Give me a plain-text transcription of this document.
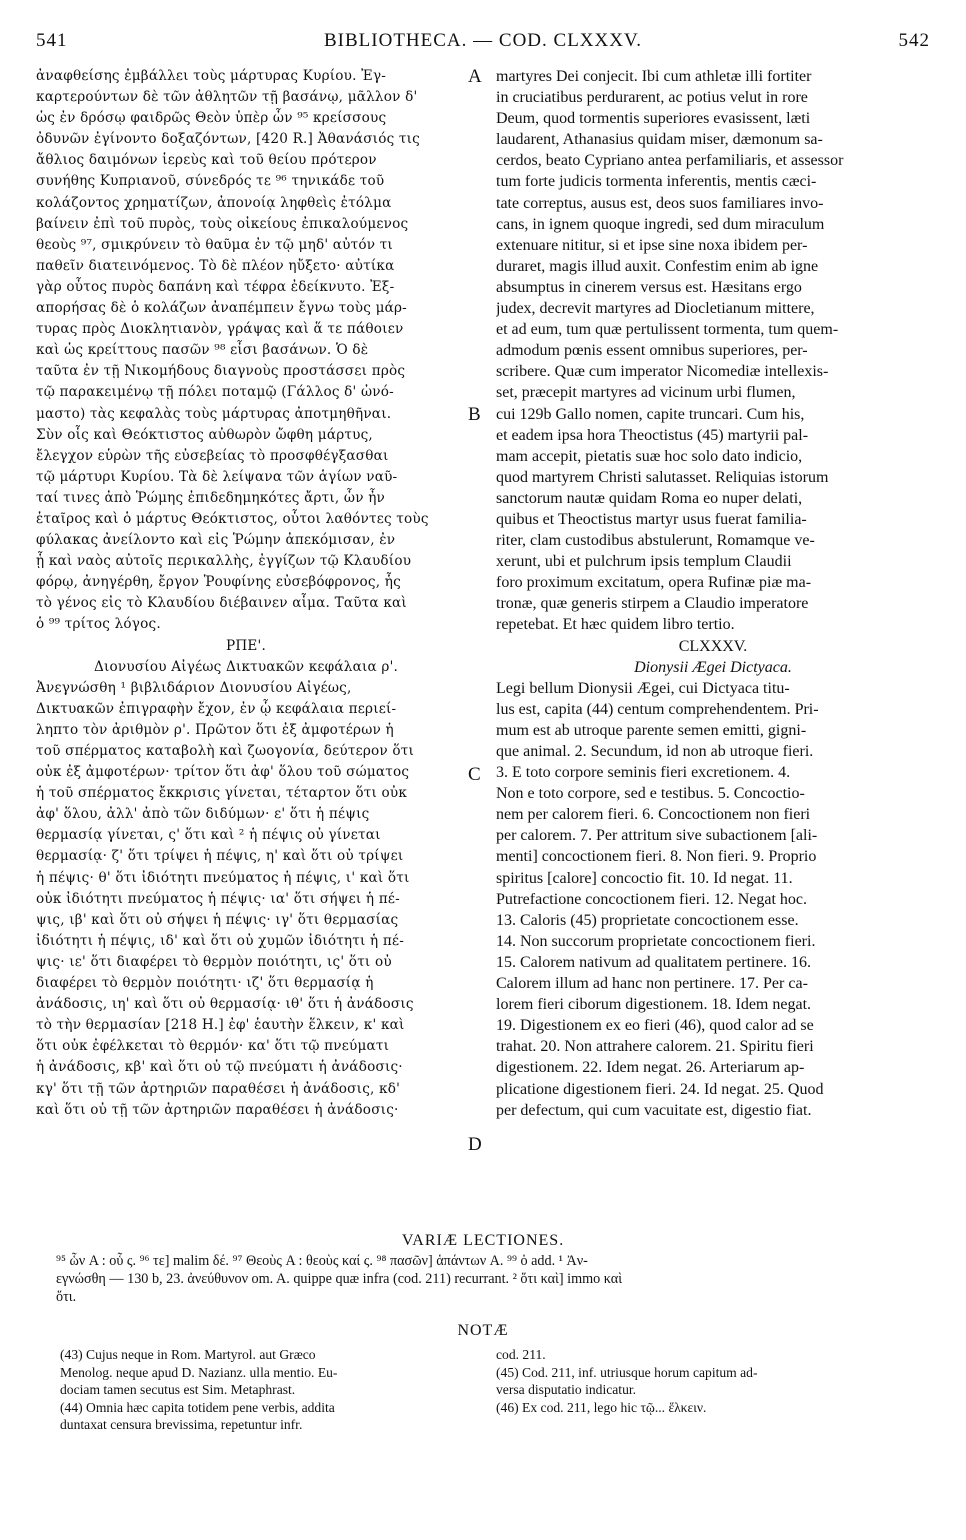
541	BIBLIOTHECA. — COD. CLXXXV.	542
ἀναφθείσης ἐμβάλλει τοὺς μάρτυρας Κυρίου. Ἐγ-
καρτερούντων δὲ τῶν ἀθλητῶν τῇ βασάνῳ, μᾶλλον δ'
ὡς ἐν δρόσῳ φαιδρῶς Θεὸν ὑπὲρ ὧν ⁹⁵ κρείσσους
ὀδυνῶν ἐγίνοντο δοξαζόντων, [420 R.] Ἀθανάσιός τις
ἄθλιος δαιμόνων ἱερεὺς καὶ τοῦ θείου πρότερον
συνήθης Κυπριανοῦ, σύνεδρός τε ⁹⁶ τηνικάδε τοῦ
κολάζοντος χρηματίζων, ἀπονοίᾳ ληφθεὶς ἐτόλμα
βαίνειν ἐπὶ τοῦ πυρὸς, τοὺς οἰκείους ἐπικαλούμενος
θεοὺς ⁹⁷, σμικρύνειν τὸ θαῦμα ἐν τῷ μηδ' αὐτόν τι
παθεῖν διατεινόμενος. Τὸ δὲ πλέον ηὔξετο· αὐτίκα
γὰρ οὗτος πυρὸς δαπάνη καὶ τέφρα ἐδείκνυτο. Ἐξ-
απορήσας δὲ ὁ κολάζων ἀναπέμπειν ἔγνω τοὺς μάρ-
τυρας πρὸς Διοκλητιανὸν, γράψας καὶ ἅ τε πάθοιεν
καὶ ὡς κρείττους πασῶν ⁹⁸ εἶσι βασάνων. Ὁ δὲ
ταῦτα ἐν τῇ Νικομήδους διαγνοὺς προστάσσει πρὸς
τῷ παρακειμένῳ τῇ πόλει ποταμῷ (Γάλλος δ' ὠνό-
μαστο) τὰς κεφαλὰς τοὺς μάρτυρας ἀποτμηθῆναι.
Σὺν οἷς καὶ Θεόκτιστος αὐθωρὸν ὤφθη μάρτυς,
ἔλεγχον εὑρὼν τῆς εὐσεβείας τὸ προσφθέγξασθαι
τῷ μάρτυρι Κυρίου. Τὰ δὲ λείψανα τῶν ἁγίων ναῦ-
ταί τινες ἀπὸ Ῥώμης ἐπιδεδημηκότες ἄρτι, ὧν ἦν
ἑταῖρος καὶ ὁ μάρτυς Θεόκτιστος, οὗτοι λαθόντες τοὺς
φύλακας ἀνείλοντο καὶ εἰς Ῥώμην ἀπεκόμισαν, ἐν
ᾗ καὶ ναὸς αὐτοῖς περικαλλὴς, ἐγγίζων τῷ Κλαυδίου
φόρῳ, ἀνηγέρθη, ἔργον Ῥουφίνης εὐσεβόφρονος, ἧς
τὸ γένος εἰς τὸ Κλαυδίου διέβαινεν αἷμα. Ταῦτα καὶ
ὁ ⁹⁹ τρίτος λόγος.
ΡΠΕ'.
Διονυσίου Αἰγέως Δικτυακῶν κεφάλαια ρ'.
Ἀνεγνώσθη ¹ βιβλιδάριον Διονυσίου Αἰγέως,
Δικτυακῶν ἐπιγραφὴν ἔχον, ἐν ᾧ κεφάλαια περιεί-
ληπτο τὸν ἀριθμὸν ρ'. Πρῶτον ὅτι ἐξ ἀμφοτέρων ἡ
τοῦ σπέρματος καταβολὴ καὶ ζωογονία, δεύτερον ὅτι
οὐκ ἐξ ἀμφοτέρων· τρίτον ὅτι ἀφ' ὅλου τοῦ σώματος
ἡ τοῦ σπέρματος ἔκκρισις γίνεται, τέταρτον ὅτι οὐκ
ἀφ' ὅλου, ἀλλ' ἀπὸ τῶν διδύμων· ε' ὅτι ἡ πέψις
θερμασίᾳ γίνεται, ς' ὅτι καὶ ² ἡ πέψις οὐ γίνεται
θερμασίᾳ· ζ' ὅτι τρίψει ἡ πέψις, η' καὶ ὅτι οὐ τρίψει
ἡ πέψις· θ' ὅτι ἰδιότητι πνεύματος ἡ πέψις, ι' καὶ ὅτι
οὐκ ἰδιότητι πνεύματος ἡ πέψις· ια' ὅτι σήψει ἡ πέ-
ψις, ιβ' καὶ ὅτι οὐ σήψει ἡ πέψις· ιγ' ὅτι θερμασίας
ἰδιότητι ἡ πέψις, ιδ' καὶ ὅτι οὐ χυμῶν ἰδιότητι ἡ πέ-
ψις· ιε' ὅτι διαφέρει τὸ θερμὸν ποιότητι, ις' ὅτι οὐ
διαφέρει τὸ θερμὸν ποιότητι· ιζ' ὅτι θερμασίᾳ ἡ
ἀνάδοσις, ιη' καὶ ὅτι οὐ θερμασίᾳ· ιθ' ὅτι ἡ ἀνάδοσις
τὸ τὴν θερμασίαν [218 H.] ἐφ' ἑαυτὴν ἕλκειν, κ' καὶ
ὅτι οὐκ ἐφέλκεται τὸ θερμόν· κα' ὅτι τῷ πνεύματι
ἡ ἀνάδοσις, κβ' καὶ ὅτι οὐ τῷ πνεύματι ἡ ἀνάδοσις·
κγ' ὅτι τῇ τῶν ἀρτηριῶν παραθέσει ἡ ἀνάδοσις, κδ'
καὶ ὅτι οὐ τῇ τῶν ἀρτηριῶν παραθέσει ἡ ἀνάδοσις·
A
B
C
D
martyres Dei conjecit. Ibi cum athletæ illi fortiter
in cruciatibus perdurarent, ac potius velut in rore
Deum, quod tormentis superiores evasissent, læti
laudarent, Athanasius quidam miser, dæmonum sa-
cerdos, beato Cypriano antea perfamiliaris, et assessor
tum forte judicis tormenta inferentis, mentis cæci-
tate correptus, ausus est, deos suos familiares invo-
cans, in ignem quoque ingredi, sed dum miraculum
extenuare nititur, si et ipse sine noxa ibidem per-
duraret, magis illud auxit. Confestim enim ab igne
absumptus in cinerem versus est. Hæsitans ergo
judex, decrevit martyres ad Diocletianum mittere,
et ad eum, tum quæ pertulissent tormenta, tum quem-
admodum pœnis essent omnibus superiores, per-
scribere. Quæ cum imperator Nicomediæ intellexis-
set, præcepit martyres ad vicinum urbi flumen,
cui 129b Gallo nomen, capite truncari. Cum his,
et eadem ipsa hora Theoctistus (45) martyrii pal-
mam accepit, pietatis suæ hoc solo dato indicio,
quod martyrem Christi salutasset. Reliquias istorum
sanctorum nautæ quidam Roma eo nuper delati,
quibus et Theoctistus martyr usus fuerat familia-
riter, clam custodibus abstulerunt, Romamque ve-
xerunt, ubi et pulchrum ipsis templum Claudii
foro proximum excitatum, opera Rufinæ piæ ma-
tronæ, quæ generis stirpem a Claudio imperatore
repetebat. Et hæc quidem libro tertio.
CLXXXV.
Dionysii Ægei Dictyaca.
Legi bellum Dionysii Ægei, cui Dictyaca titu-
lus est, capita (44) centum comprehendentem. Pri-
mum est ab utroque parente semen emitti, gigni-
que animal. 2. Secundum, id non ab utroque fieri.
3. E toto corpore seminis fieri excretionem. 4.
Non e toto corpore, sed e testibus. 5. Concoctio-
nem per calorem fieri. 6. Concoctionem non fieri
per calorem. 7. Per attritum sive subactionem [ali-
menti] concoctionem fieri. 8. Non fieri. 9. Proprio
spiritus [calore] concoctio fit. 10. Id negat. 11.
Putrefactione concoctionem fieri. 12. Negat hoc.
13. Caloris (45) proprietate concoctionem esse.
14. Non succorum proprietate concoctionem fieri.
15. Calorem nativum ad qualitatem pertinere. 16.
Calorem illum ad hanc non pertinere. 17. Per ca-
lorem fieri ciborum digestionem. 18. Idem negat.
19. Digestionem ex eo fieri (46), quod calor ad se
trahat. 20. Non attrahere calorem. 21. Spiritu fieri
digestionem. 22. Idem negat. 26. Arteriarum ap-
plicatione digestionem fieri. 24. Id negat. 25. Quod
per defectum, qui cum vacuitate est, digestio fiat.
VARIÆ LECTIONES.
⁹⁵ ὧν A : οὗ ς. ⁹⁶ τε] malim δέ. ⁹⁷ Θεοὺς A : θεοὺς καί ς. ⁹⁸ πασῶν] ἁπάντων A. ⁹⁹ ὁ add. ¹ Ἀν-
εγνώσθη — 130 b, 23. ἀνεύθυνον om. A. quippe quæ infra (cod. 211) recurrant. ² ὅτι καὶ] immo καὶ
ὅτι.
NOTÆ
(43) Cujus neque in Rom. Martyrol. aut Græco
Menolog. neque apud D. Nazianz. ulla mentio. Eu-
dociam tamen secutus est Sim. Metaphrast.
(44) Omnia hæc capita totidem pene verbis, addita
duntaxat censura brevissima, repetuntur infr.
cod. 211.
(45) Cod. 211, inf. utriusque horum capitum ad-
versa disputatio indicatur.
(46) Ex cod. 211, lego hic τῷ... ἕλκειν.
